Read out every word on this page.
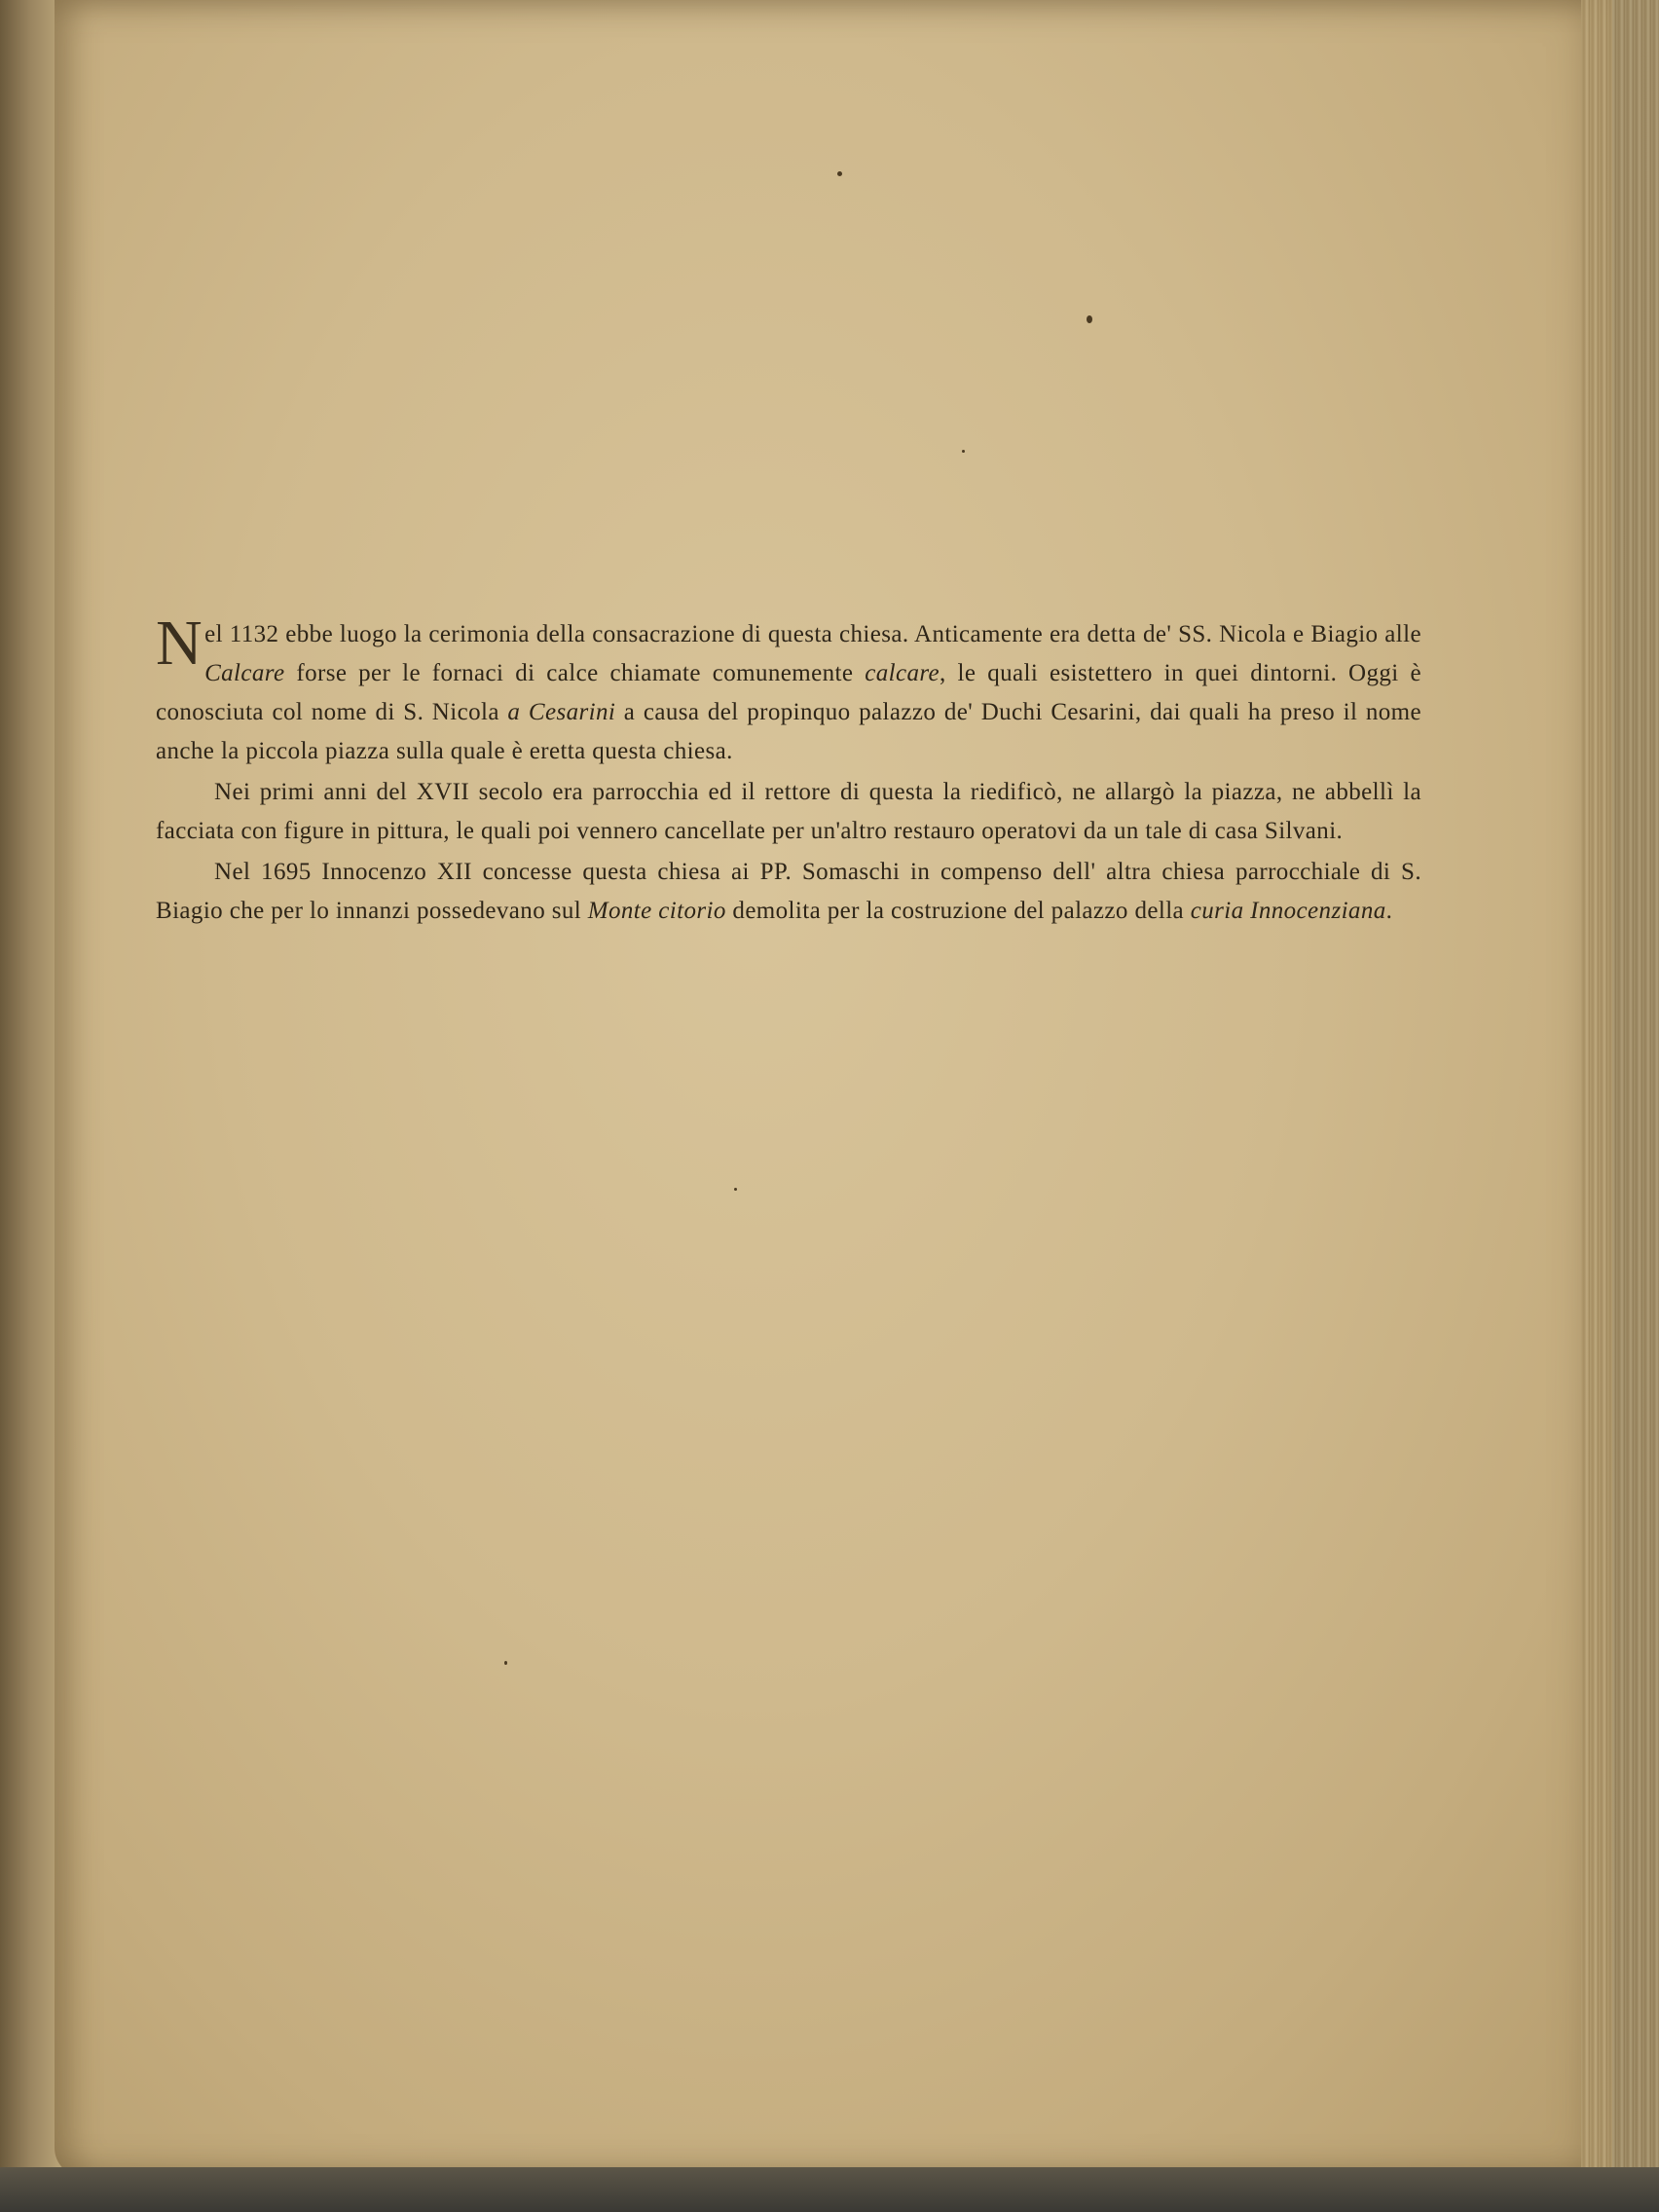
Nel 1132 ebbe luogo la cerimonia della consacrazione di questa chiesa. Anticamente era detta de' SS. Nicola e Biagio alle Calcare forse per le fornaci di calce chiamate comunemente calcare, le quali esistettero in quei dintorni. Oggi è conosciuta col nome di S. Nicola a Cesarini a causa del propinquo palazzo de' Duchi Cesarini, dai quali ha preso il nome anche la piccola piazza sulla quale è eretta questa chiesa.

Nei primi anni del XVII secolo era parrocchia ed il rettore di questa la riedificò, ne allargò la piazza, ne abbellì la facciata con figure in pittura, le quali poi vennero cancellate per un'altro restauro operatovi da un tale di casa Silvani.

Nel 1695 Innocenzo XII concesse questa chiesa ai PP. Somaschi in compenso dell' altra chiesa parrocchiale di S. Biagio che per lo innanzi possedevano sul Monte citorio demolita per la costruzione del palazzo della curia Innocenziana.
